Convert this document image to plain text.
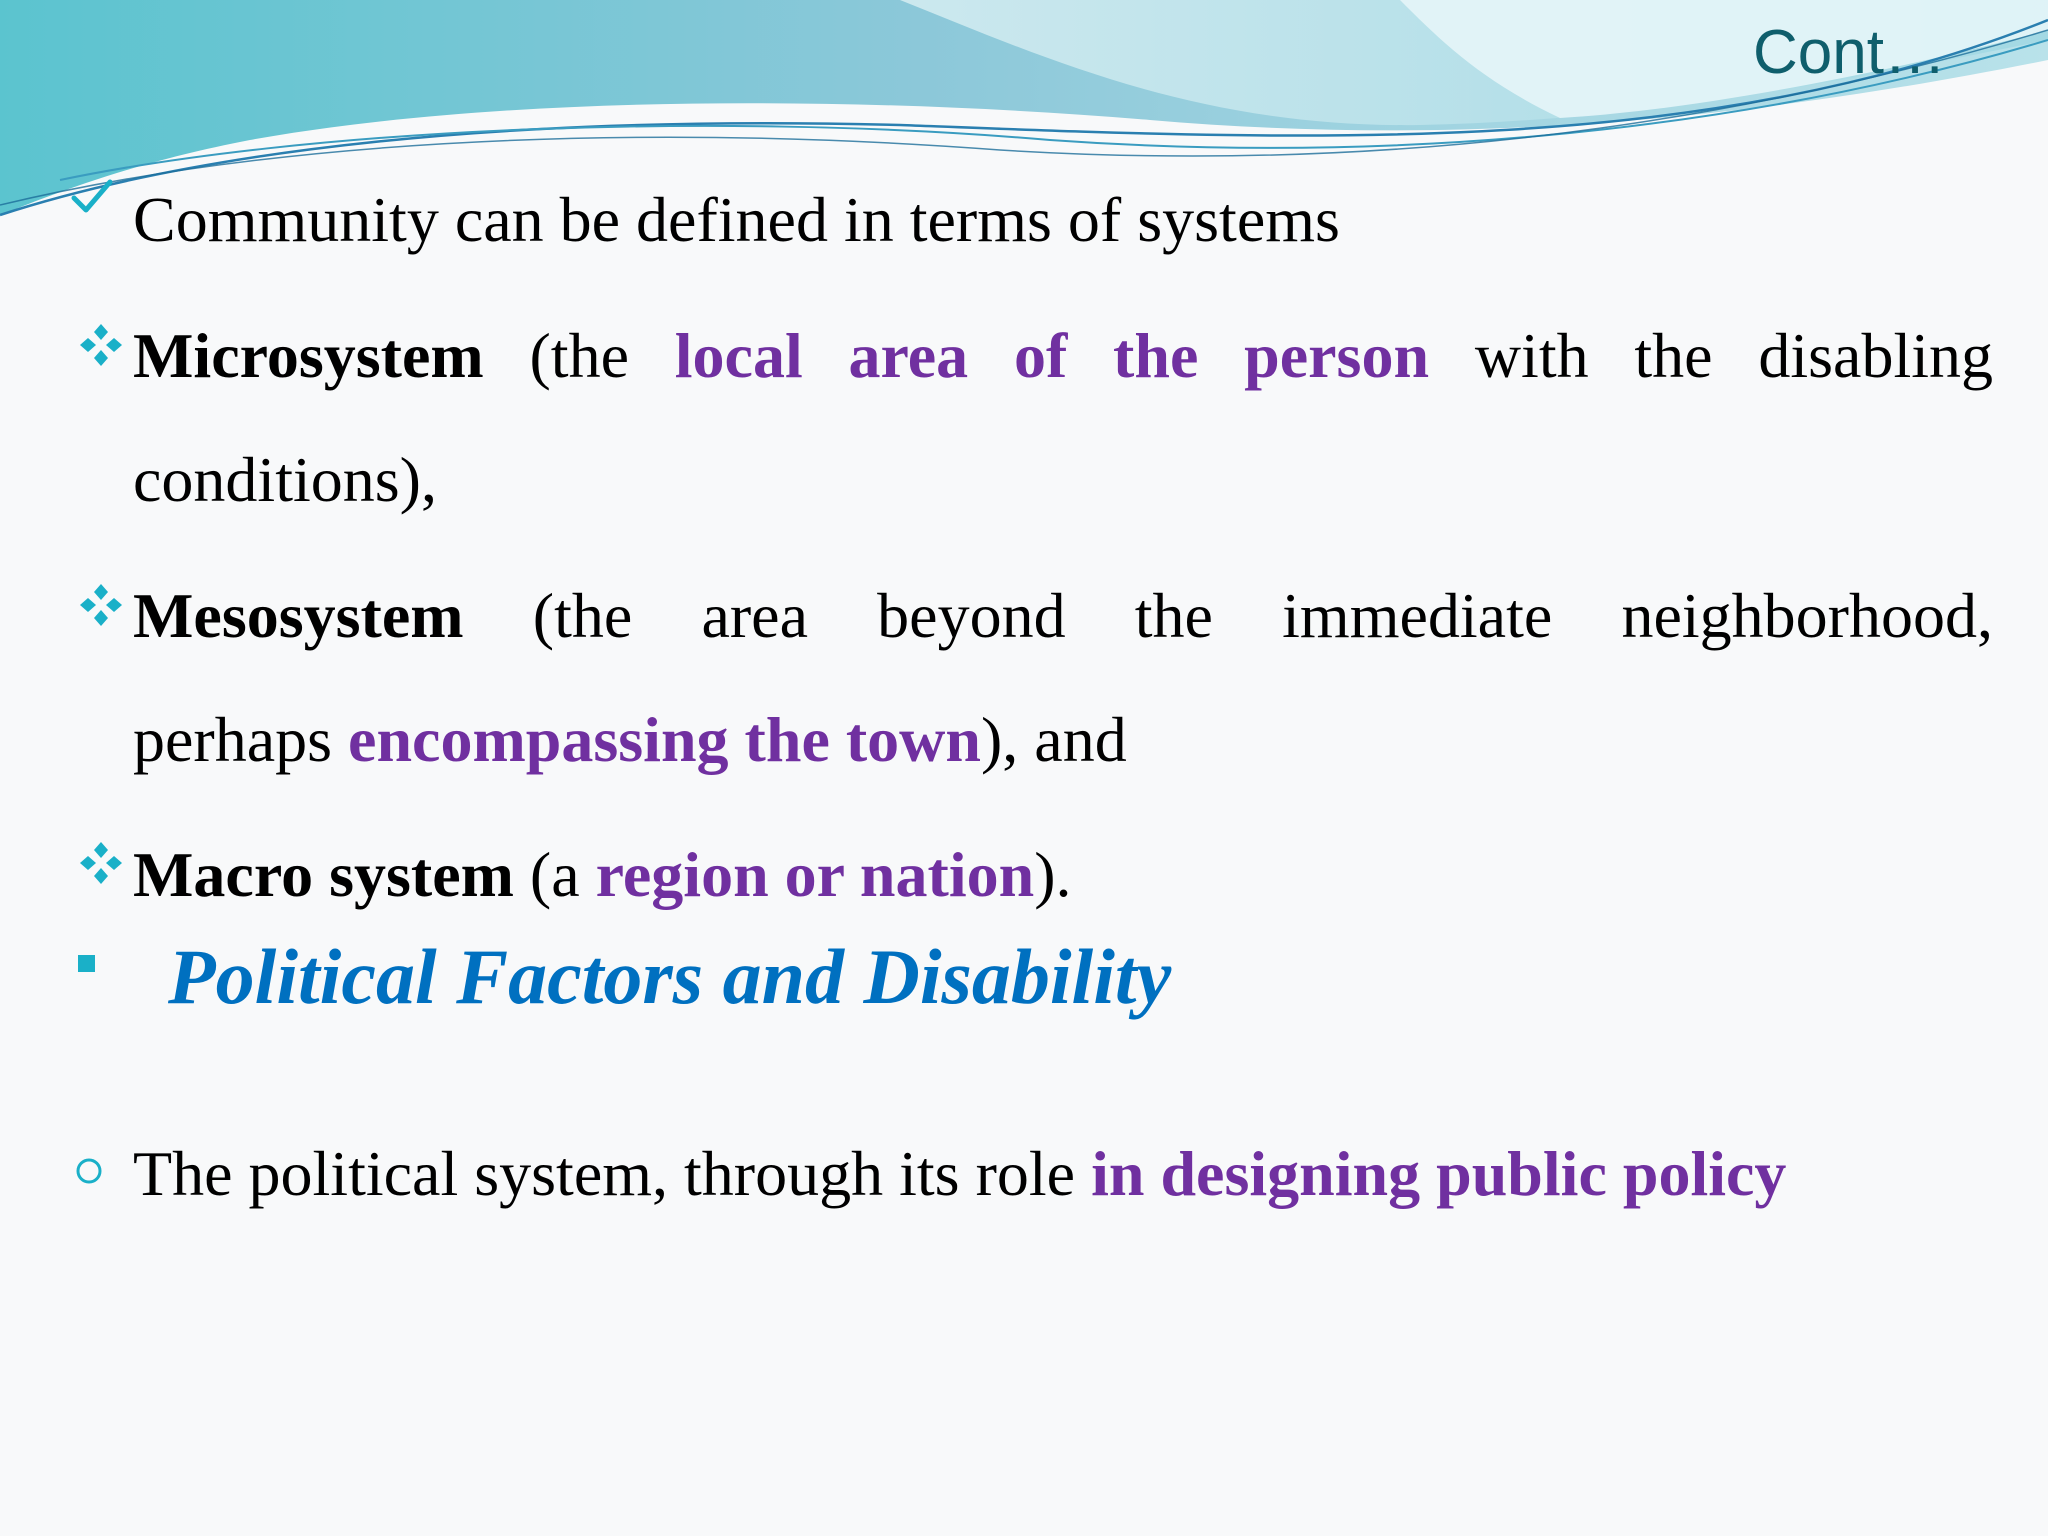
Cont…
Community can be defined in terms of systems
Microsystem (the local area of the person with the disabling
conditions),
Mesosystem (the area beyond the immediate neighborhood,
perhaps encompassing the town), and
Macro system (a region or nation).
Political Factors and Disability
The political system, through its role in designing public policy
